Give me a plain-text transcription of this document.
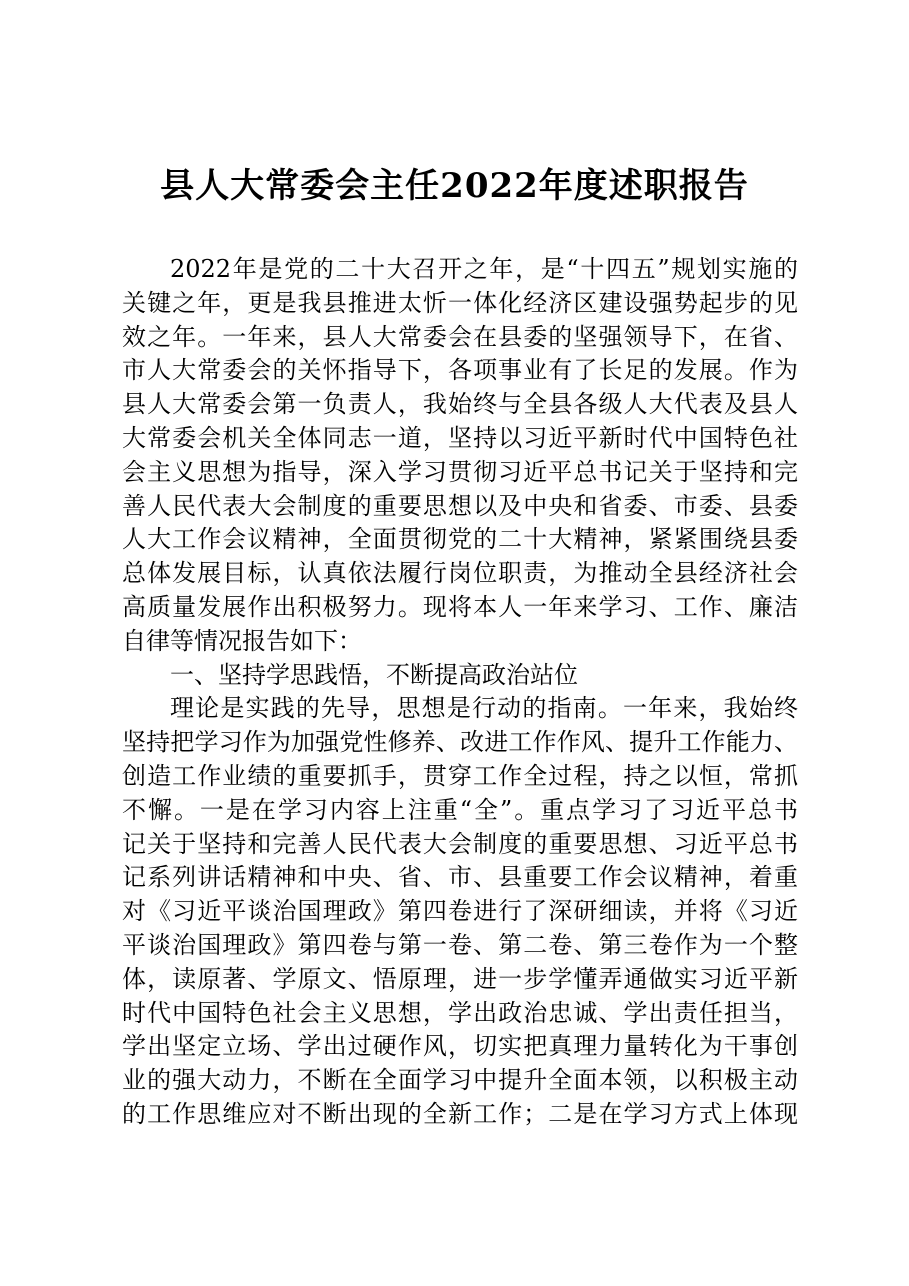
县人大常委会主任2022年度述职报告
2022年是党的二十大召开之年，是“十四五”规划实施的
关键之年，更是我县推进太忻一体化经济区建设强势起步的见
效之年。一年来，县人大常委会在县委的坚强领导下，在省、
市人大常委会的关怀指导下，各项事业有了长足的发展。作为
县人大常委会第一负责人，我始终与全县各级人大代表及县人
大常委会机关全体同志一道，坚持以习近平新时代中国特色社
会主义思想为指导，深入学习贯彻习近平总书记关于坚持和完
善人民代表大会制度的重要思想以及中央和省委、市委、县委
人大工作会议精神，全面贯彻党的二十大精神，紧紧围绕县委
总体发展目标，认真依法履行岗位职责，为推动全县经济社会
高质量发展作出积极努力。现将本人一年来学习、工作、廉洁
自律等情况报告如下：
一、坚持学思践悟，不断提高政治站位
理论是实践的先导，思想是行动的指南。一年来，我始终
坚持把学习作为加强党性修养、改进工作作风、提升工作能力、
创造工作业绩的重要抓手，贯穿工作全过程，持之以恒，常抓
不懈。一是在学习内容上注重“全”。重点学习了习近平总书
记关于坚持和完善人民代表大会制度的重要思想、习近平总书
记系列讲话精神和中央、省、市、县重要工作会议精神，着重
对《习近平谈治国理政》第四卷进行了深研细读，并将《习近
平谈治国理政》第四卷与第一卷、第二卷、第三卷作为一个整
体，读原著、学原文、悟原理，进一步学懂弄通做实习近平新
时代中国特色社会主义思想，学出政治忠诚、学出责任担当，
学出坚定立场、学出过硬作风，切实把真理力量转化为干事创
业的强大动力，不断在全面学习中提升全面本领，以积极主动
的工作思维应对不断出现的全新工作；二是在学习方式上体现
